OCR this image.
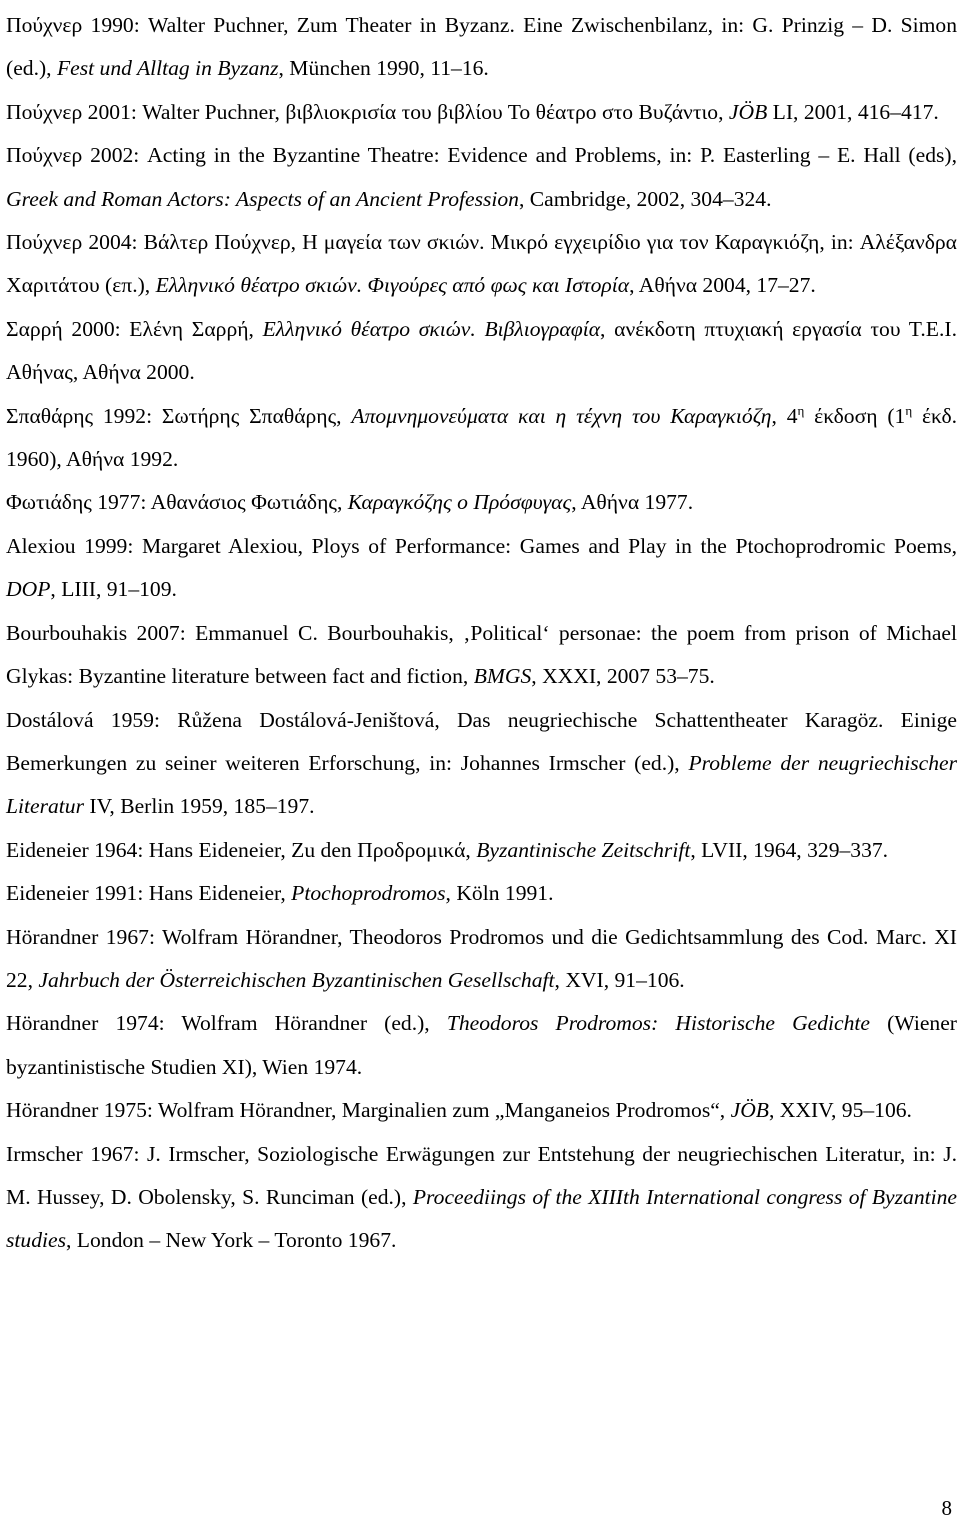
Πούχνερ 1990: Walter Puchner, Zum Theater in Byzanz. Eine Zwischenbilanz, in: G. Prinzig – D. Simon (ed.), Fest und Alltag in Byzanz, München 1990, 11–16.
Πούχνερ 2001: Walter Puchner, βιβλιοκρισία του βιβλίου Το θέατρο στο Βυζάντιο, JÖB LI, 2001, 416–417.
Πούχνερ 2002: Acting in the Byzantine Theatre: Evidence and Problems, in: P. Easterling – E. Hall (eds), Greek and Roman Actors: Aspects of an Ancient Profession, Cambridge, 2002, 304–324.
Πούχνερ 2004: Βάλτερ Πούχνερ, Η μαγεία των σκιών. Μικρό εγχειρίδιο για τον Καραγκιόζη, in: Αλέξανδρα Χαριτάτου (επ.), Ελληνικό θέατρο σκιών. Φιγούρες από φως και Ιστορία, Αθήνα 2004, 17–27.
Σαρρή 2000: Ελένη Σαρρή, Ελληνικό θέατρο σκιών. Βιβλιογραφία, ανέκδοτη πτυχιακή εργασία του Τ.Ε.Ι. Αθήνας, Αθήνα 2000.
Σπαθάρης 1992: Σωτήρης Σπαθάρης, Απομνημονεύματα και η τέχνη του Καραγκιόζη, $4^\eta$ έκδοση ($1^\eta$ έκδ. 1960), Αθήνα 1992.
Φωτιάδης 1977: Αθανάσιος Φωτιάδης, Καραγκόζης ο Πρόσφυγας, Αθήνα 1977.
Alexiou 1999: Margaret Alexiou, Ploys of Performance: Games and Play in the Ptochoprodromic Poems, DOP, LIII, 91–109.
Bourbouhakis 2007: Emmanuel C. Bourbouhakis, ‚Political‘ personae: the poem from prison of Michael Glykas: Byzantine literature between fact and fiction, BMGS, XXXI, 2007 53–75.
Dostálová 1959: Růžena Dostálová-Jeništová, Das neugriechische Schattentheater Karagöz. Einige Bemerkungen zu seiner weiteren Erforschung, in: Johannes Irmscher (ed.), Probleme der neugriechischer Literatur IV, Berlin 1959, 185–197.
Eideneier 1964: Hans Eideneier, Zu den Προδρομικά, Byzantinische Zeitschrift, LVII, 1964, 329–337.
Eideneier 1991: Hans Eideneier, Ptochoprodromos, Köln 1991.
Hörandner 1967: Wolfram Hörandner, Theodoros Prodromos und die Gedichtsammlung des Cod. Marc. XI 22, Jahrbuch der Österreichischen Byzantinischen Gesellschaft, XVI, 91–106.
Hörandner 1974: Wolfram Hörandner (ed.), Theodoros Prodromos: Historische Gedichte (Wiener byzantinistische Studien XI), Wien 1974.
Hörandner 1975: Wolfram Hörandner, Marginalien zum „Manganeios Prodromos“, JÖB, XXIV, 95–106.
Irmscher 1967: J. Irmscher, Soziologische Erwägungen zur Entstehung der neugriechischen Literatur, in: J. M. Hussey, D. Obolensky, S. Runciman (ed.), Proceediings of the XIIIth International congress of Byzantine studies, London – New York – Toronto 1967.
8
